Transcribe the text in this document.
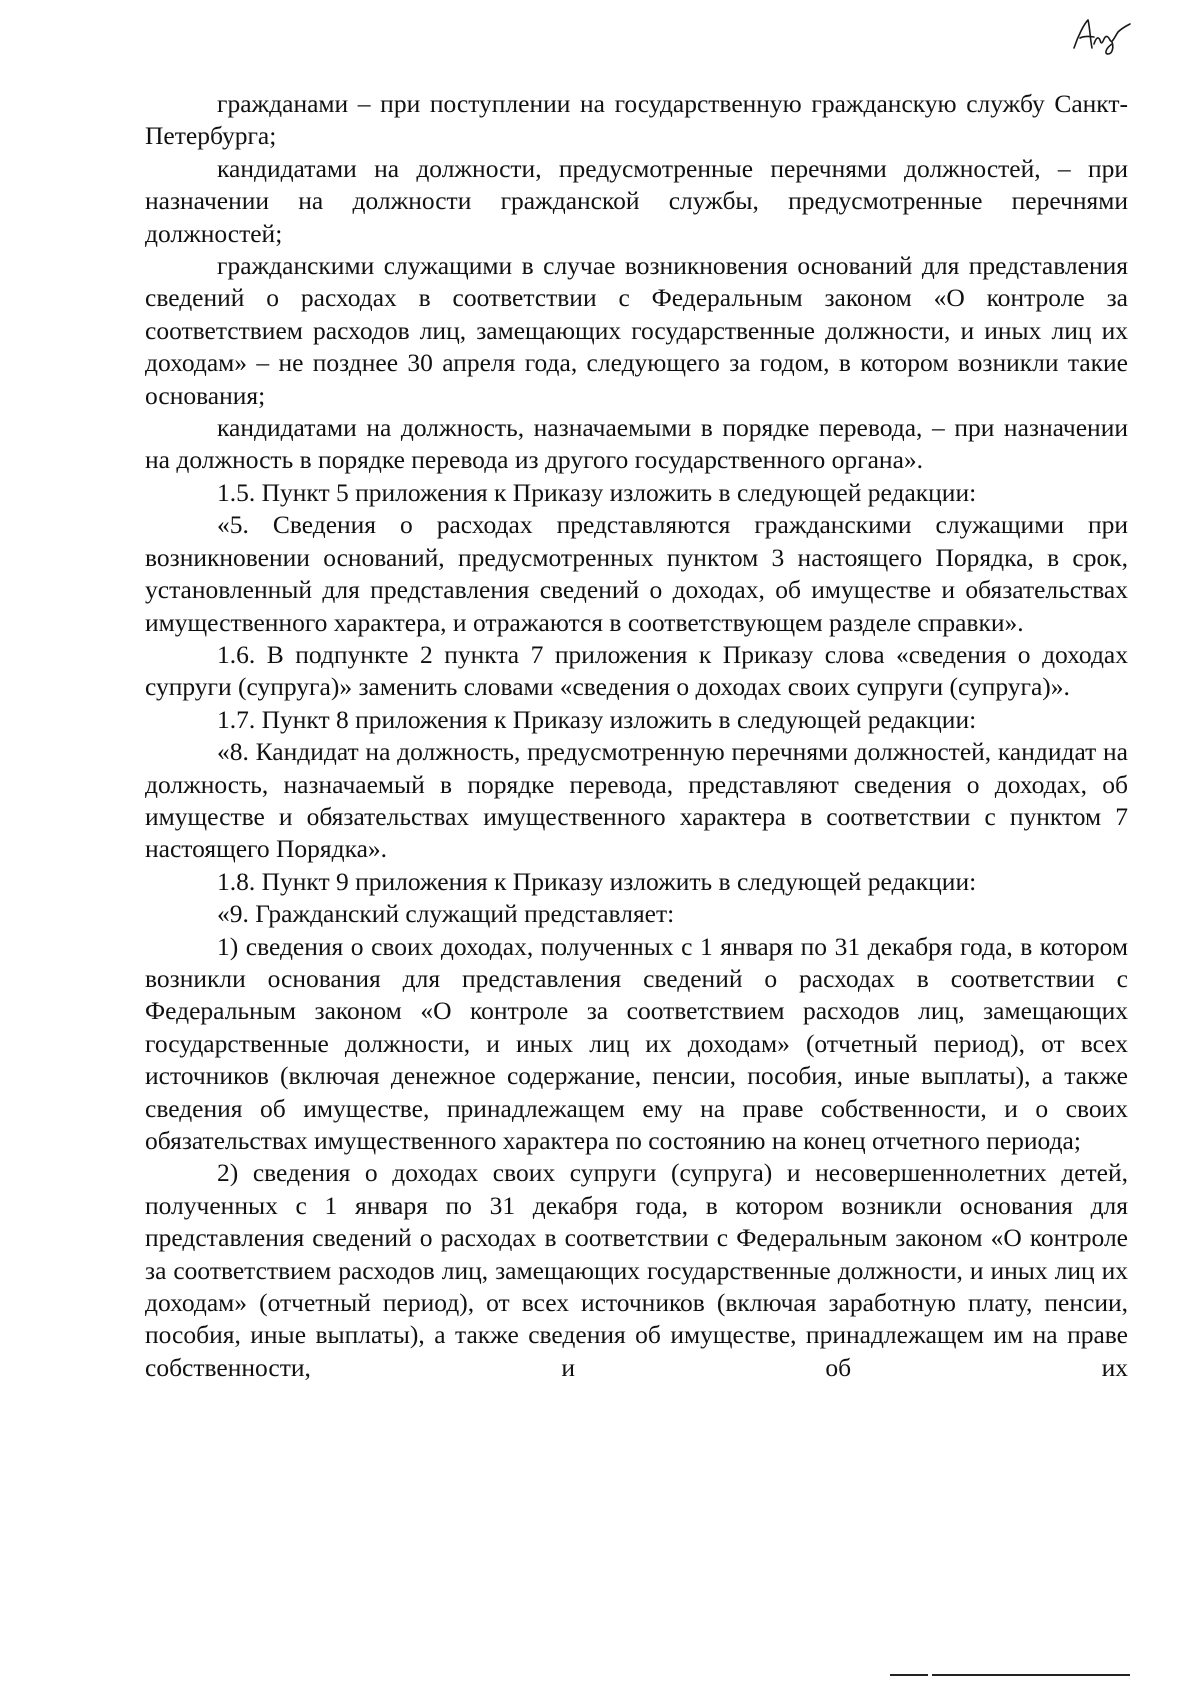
гражданами – при поступлении на государственную гражданскую службу Санкт-Петербурга;

кандидатами на должности, предусмотренные перечнями должностей, – при назначении на должности гражданской службы, предусмотренные перечнями должностей;

гражданскими служащими в случае возникновения оснований для представления сведений о расходах в соответствии с Федеральным законом «О контроле за соответствием расходов лиц, замещающих государственные должности, и иных лиц их доходам» – не позднее 30 апреля года, следующего за годом, в котором возникли такие основания;

кандидатами на должность, назначаемыми в порядке перевода, – при назначении на должность в порядке перевода из другого государственного органа».

1.5. Пункт 5 приложения к Приказу изложить в следующей редакции:

«5. Сведения о расходах представляются гражданскими служащими при возникновении оснований, предусмотренных пунктом 3 настоящего Порядка, в срок, установленный для представления сведений о доходах, об имуществе и обязательствах имущественного характера, и отражаются в соответствующем разделе справки».

1.6. В подпункте 2 пункта 7 приложения к Приказу слова «сведения о доходах супруги (супруга)» заменить словами «сведения о доходах своих супруги (супруга)».

1.7. Пункт 8 приложения к Приказу изложить в следующей редакции:

«8. Кандидат на должность, предусмотренную перечнями должностей, кандидат на должность, назначаемый в порядке перевода, представляют сведения о доходах, об имуществе и обязательствах имущественного характера в соответствии с пунктом 7 настоящего Порядка».

1.8. Пункт 9 приложения к Приказу изложить в следующей редакции:

«9. Гражданский служащий представляет:

1) сведения о своих доходах, полученных с 1 января по 31 декабря года, в котором возникли основания для представления сведений о расходах в соответствии с Федеральным законом «О контроле за соответствием расходов лиц, замещающих государственные должности, и иных лиц их доходам» (отчетный период), от всех источников (включая денежное содержание, пенсии, пособия, иные выплаты), а также сведения об имуществе, принадлежащем ему на праве собственности, и о своих обязательствах имущественного характера по состоянию на конец отчетного периода;

2) сведения о доходах своих супруги (супруга) и несовершеннолетних детей, полученных с 1 января по 31 декабря года, в котором возникли основания для представления сведений о расходах в соответствии с Федеральным законом «О контроле за соответствием расходов лиц, замещающих государственные должности, и иных лиц их доходам» (отчетный период), от всех источников (включая заработную плату, пенсии, пособия, иные выплаты), а также сведения об имуществе, принадлежащем им на праве собственности, и об их
